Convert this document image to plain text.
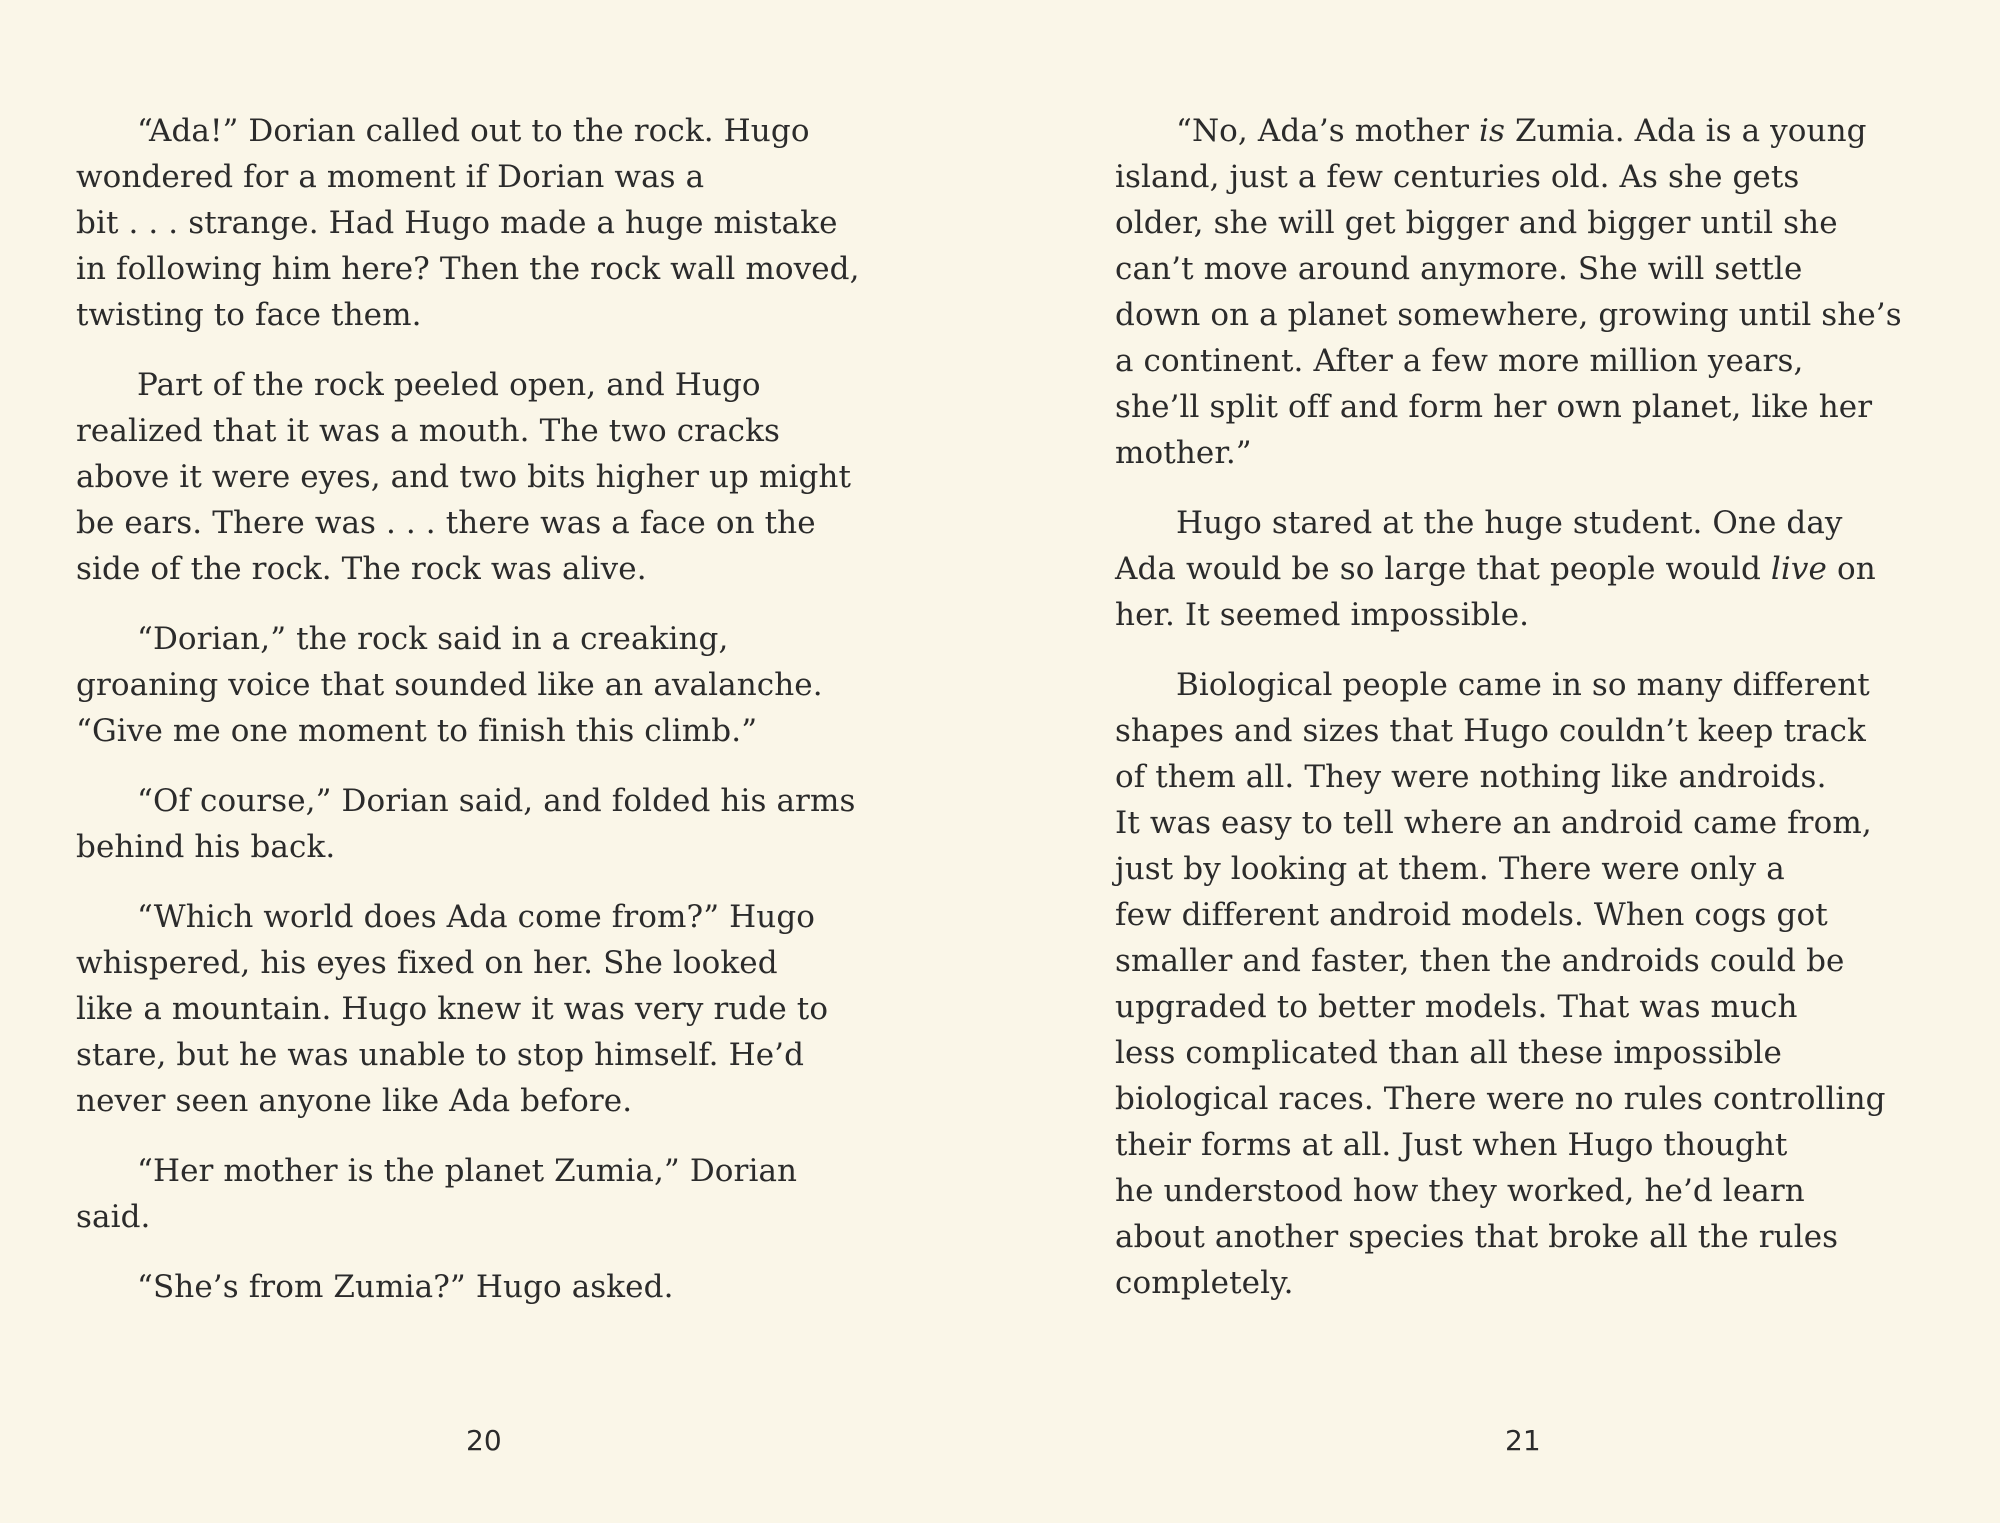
“Ada!” Dorian called out to the rock. Hugo
wondered for a moment if Dorian was a
bit . . . strange. Had Hugo made a huge mistake
in following him here? Then the rock wall moved,
twisting to face them.

Part of the rock peeled open, and Hugo
realized that it was a mouth. The two cracks
above it were eyes, and two bits higher up might
be ears. There was . . . there was a face on the
side of the rock. The rock was alive.

“Dorian,” the rock said in a creaking,
groaning voice that sounded like an avalanche.
“Give me one moment to finish this climb.”

“Of course,” Dorian said, and folded his arms
behind his back.

“Which world does Ada come from?” Hugo
whispered, his eyes fixed on her. She looked
like a mountain. Hugo knew it was very rude to
stare, but he was unable to stop himself. He’d
never seen anyone like Ada before.

“Her mother is the planet Zumia,” Dorian
said.

“She’s from Zumia?” Hugo asked.

20

“No, Ada’s mother is Zumia. Ada is a young
island, just a few centuries old. As she gets
older, she will get bigger and bigger until she
can’t move around anymore. She will settle
down on a planet somewhere, growing until she’s
a continent. After a few more million years,
she’ll split off and form her own planet, like her
mother.”

Hugo stared at the huge student. One day
Ada would be so large that people would live on
her. It seemed impossible.

Biological people came in so many different
shapes and sizes that Hugo couldn’t keep track
of them all. They were nothing like androids.
It was easy to tell where an android came from,
just by looking at them. There were only a
few different android models. When cogs got
smaller and faster, then the androids could be
upgraded to better models. That was much
less complicated than all these impossible
biological races. There were no rules controlling
their forms at all. Just when Hugo thought
he understood how they worked, he’d learn
about another species that broke all the rules
completely.

21
